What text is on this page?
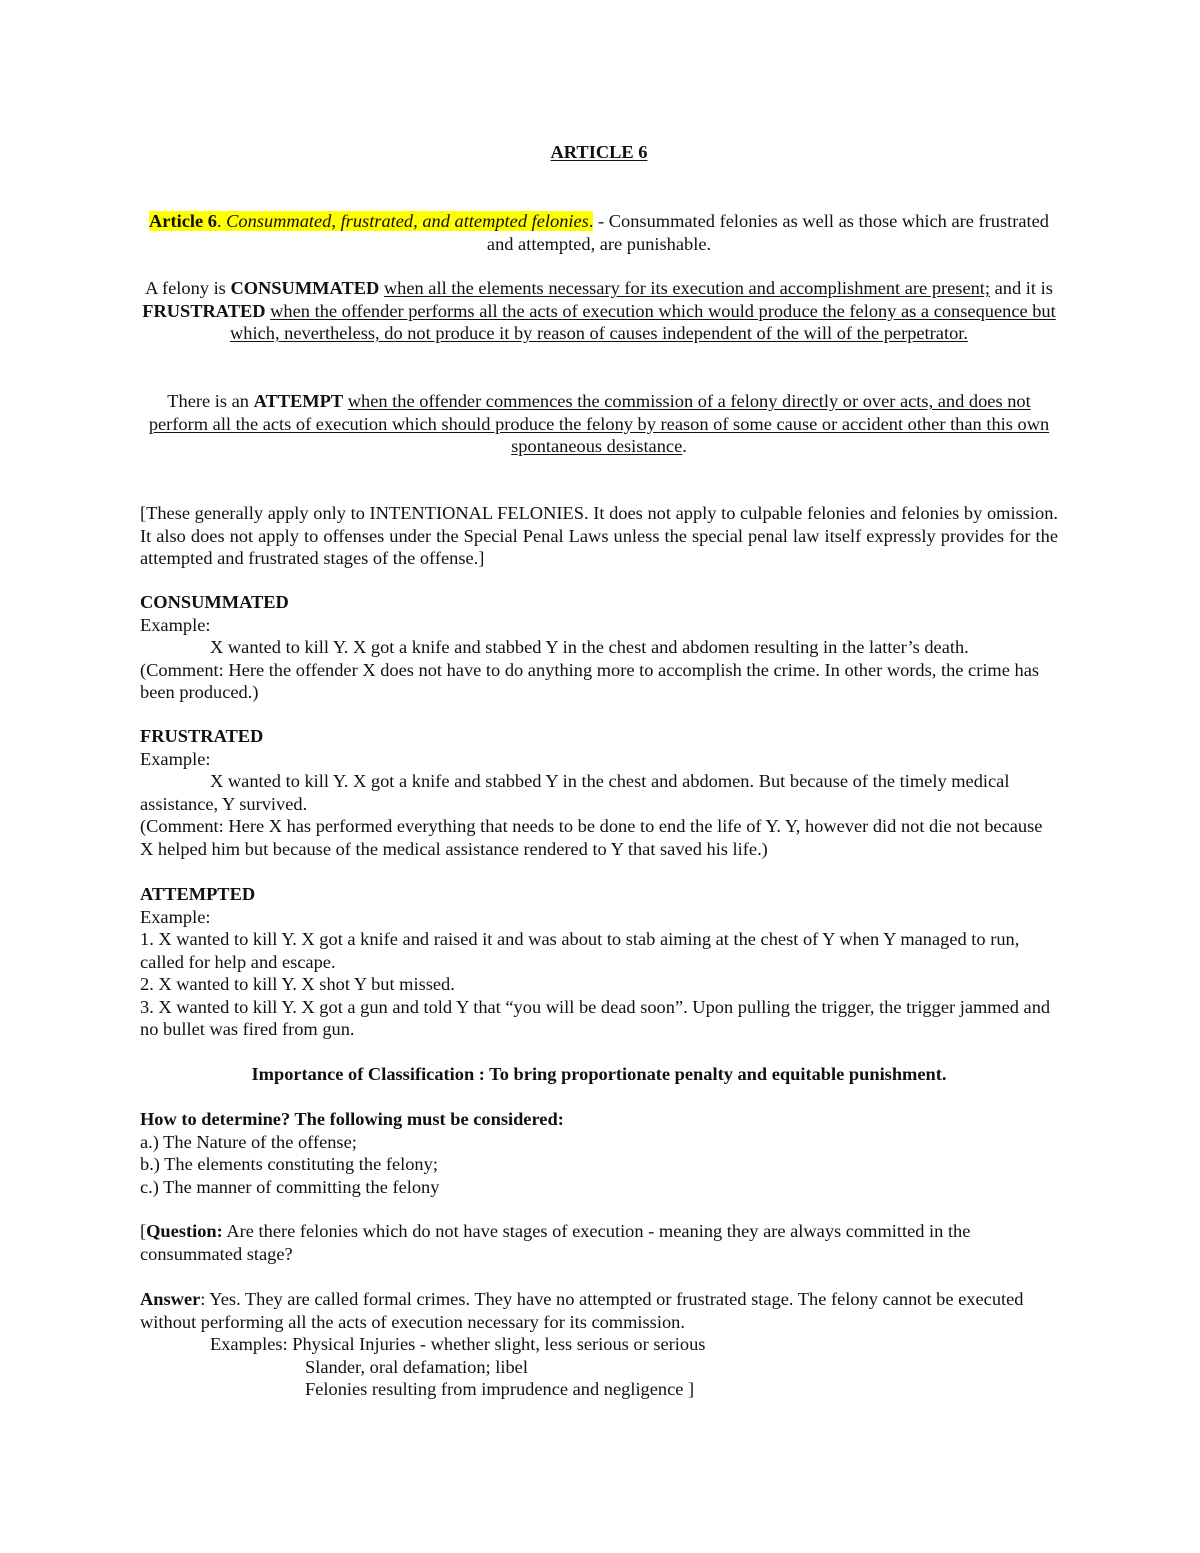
ARTICLE 6

Article 6. Consummated, frustrated, and attempted felonies. - Consummated felonies as well as those which are frustrated and attempted, are punishable.

A felony is CONSUMMATED when all the elements necessary for its execution and accomplishment are present; and it is FRUSTRATED when the offender performs all the acts of execution which would produce the felony as a consequence but which, nevertheless, do not produce it by reason of causes independent of the will of the perpetrator.

There is an ATTEMPT when the offender commences the commission of a felony directly or over acts, and does not perform all the acts of execution which should produce the felony by reason of some cause or accident other than this own spontaneous desistance.

[These generally apply only to INTENTIONAL FELONIES. It does not apply to culpable felonies and felonies by omission. It also does not apply to offenses under the Special Penal Laws unless the special penal law itself expressly provides for the attempted and frustrated stages of the offense.]

CONSUMMATED
Example:
X wanted to kill Y. X got a knife and stabbed Y in the chest and abdomen resulting in the latter’s death.
(Comment: Here the offender X does not have to do anything more to accomplish the crime. In other words, the crime has been produced.)
FRUSTRATED
Example:
X wanted to kill Y. X got a knife and stabbed Y in the chest and abdomen. But because of the timely medical assistance, Y survived.
(Comment: Here X has performed everything that needs to be done to end the life of Y. Y, however did not die not because X helped him but because of the medical assistance rendered to Y that saved his life.)
ATTEMPTED
Example:
1. X wanted to kill Y. X got a knife and raised it and was about to stab aiming at the chest of Y when Y managed to run, called for help and escape.
2. X wanted to kill Y. X shot Y but missed.
3. X wanted to kill Y. X got a gun and told Y that “you will be dead soon”. Upon pulling the trigger, the trigger jammed and no bullet was fired from gun.

Importance of Classification : To bring proportionate penalty and equitable punishment.

How to determine? The following must be considered:
a.) The Nature of the offense;
b.) The elements constituting the felony;
c.) The manner of committing the felony

[Question: Are there felonies which do not have stages of execution - meaning they are always committed in the consummated stage?

Answer: Yes. They are called formal crimes. They have no attempted or frustrated stage. The felony cannot be executed without performing all the acts of execution necessary for its commission.
Examples: Physical Injuries - whether slight, less serious or serious
Slander, oral defamation; libel
Felonies resulting from imprudence and negligence ]
